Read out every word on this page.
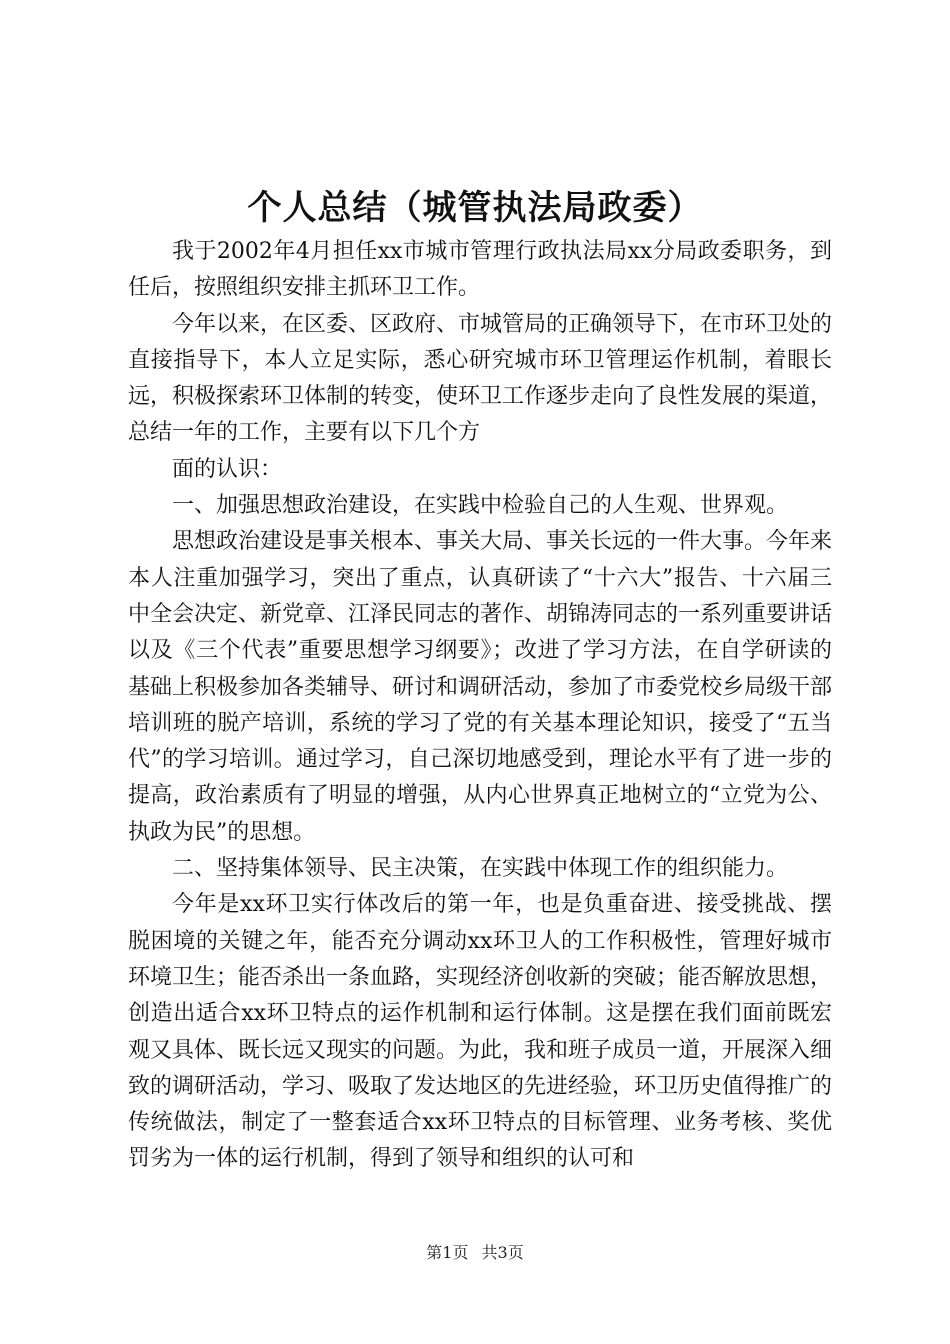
个人总结（城管执法局政委）

我于2002年4月担任xx市城市管理行政执法局xx分局政委职务，到任后，按照组织安排主抓环卫工作。

今年以来，在区委、区政府、市城管局的正确领导下，在市环卫处的直接指导下，本人立足实际，悉心研究城市环卫管理运作机制，着眼长远，积极探索环卫体制的转变，使环卫工作逐步走向了良性发展的渠道，总结一年的工作，主要有以下几个方

面的认识：

一、加强思想政治建设，在实践中检验自己的人生观、世界观。

思想政治建设是事关根本、事关大局、事关长远的一件大事。今年来本人注重加强学习，突出了重点，认真研读了“十六大”报告、十六届三中全会决定、新党章、江泽民同志的著作、胡锦涛同志的一系列重要讲话以及《三个代表”重要思想学习纲要》；改进了学习方法，在自学研读的基础上积极参加各类辅导、研讨和调研活动，参加了市委党校乡局级干部培训班的脱产培训，系统的学习了党的有关基本理论知识，接受了“五当代”的学习培训。通过学习，自己深切地感受到，理论水平有了进一步的提高，政治素质有了明显的增强，从内心世界真正地树立的“立党为公、执政为民”的思想。

二、坚持集体领导、民主决策，在实践中体现工作的组织能力。

今年是xx环卫实行体改后的第一年，也是负重奋进、接受挑战、摆脱困境的关键之年，能否充分调动xx环卫人的工作积极性，管理好城市环境卫生；能否杀出一条血路，实现经济创收新的突破；能否解放思想，创造出适合xx环卫特点的运作机制和运行体制。这是摆在我们面前既宏观又具体、既长远又现实的问题。为此，我和班子成员一道，开展深入细致的调研活动，学习、吸取了发达地区的先进经验，环卫历史值得推广的传统做法，制定了一整套适合xx环卫特点的目标管理、业务考核、奖优罚劣为一体的运行机制，得到了领导和组织的认可和

第1页 共3页
